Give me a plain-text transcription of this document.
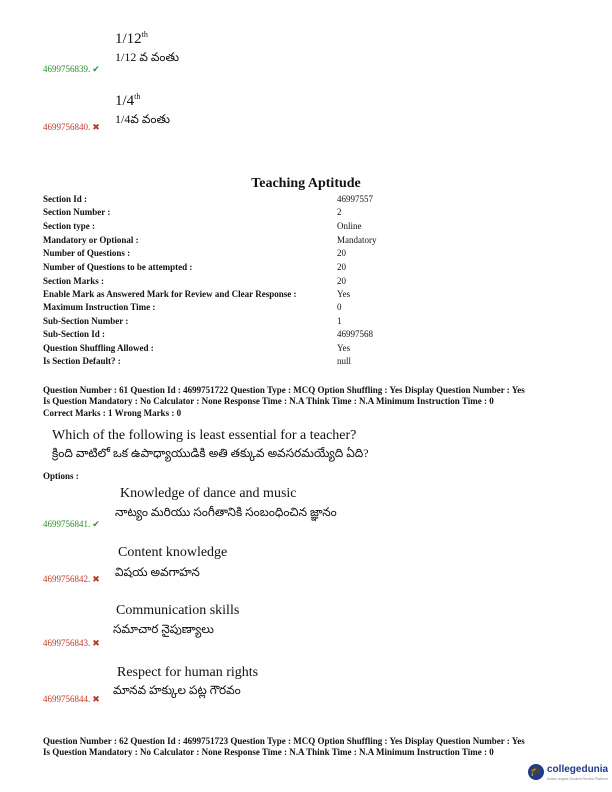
1/12th
1/12 వ వంతు
4699756839. ✔
1/4th
1/4వ వంతు
4699756840. ✖
Teaching Aptitude
Section Id :	46997557
Section Number :	2
Section type :	Online
Mandatory or Optional :	Mandatory
Number of Questions :	20
Number of Questions to be attempted :	20
Section Marks :	20
Enable Mark as Answered Mark for Review and Clear Response :	Yes
Maximum Instruction Time :	0
Sub-Section Number :	1
Sub-Section Id :	46997568
Question Shuffling Allowed :	Yes
Is Section Default? :	null
Question Number : 61 Question Id : 4699751722 Question Type : MCQ Option Shuffling : Yes Display Question Number : Yes
Is Question Mandatory : No Calculator : None Response Time : N.A Think Time : N.A Minimum Instruction Time : 0
Correct Marks : 1 Wrong Marks : 0
Which of the following is least essential for a teacher?
క్రింది వాటిలో ఒక ఉపాధ్యాయుడికి అతి తక్కువ అవసరమయ్యేది ఏది?
Options :
Knowledge of dance and music
నాట్యం మరియు సంగీతానికి సంబంధించిన జ్ఞానం
4699756841. ✔
Content knowledge
విషయ అవగాహన
4699756842. ✖
Communication skills
సమాచార నైపుణ్యాలు
4699756843. ✖
Respect for human rights
మానవ హక్కుల పట్ల గౌరవం
4699756844. ✖
Question Number : 62 Question Id : 4699751723 Question Type : MCQ Option Shuffling : Yes Display Question Number : Yes
Is Question Mandatory : No Calculator : None Response Time : N.A Think Time : N.A Minimum Instruction Time : 0
🎓 collegedunia
India's largest Student Review Platform
